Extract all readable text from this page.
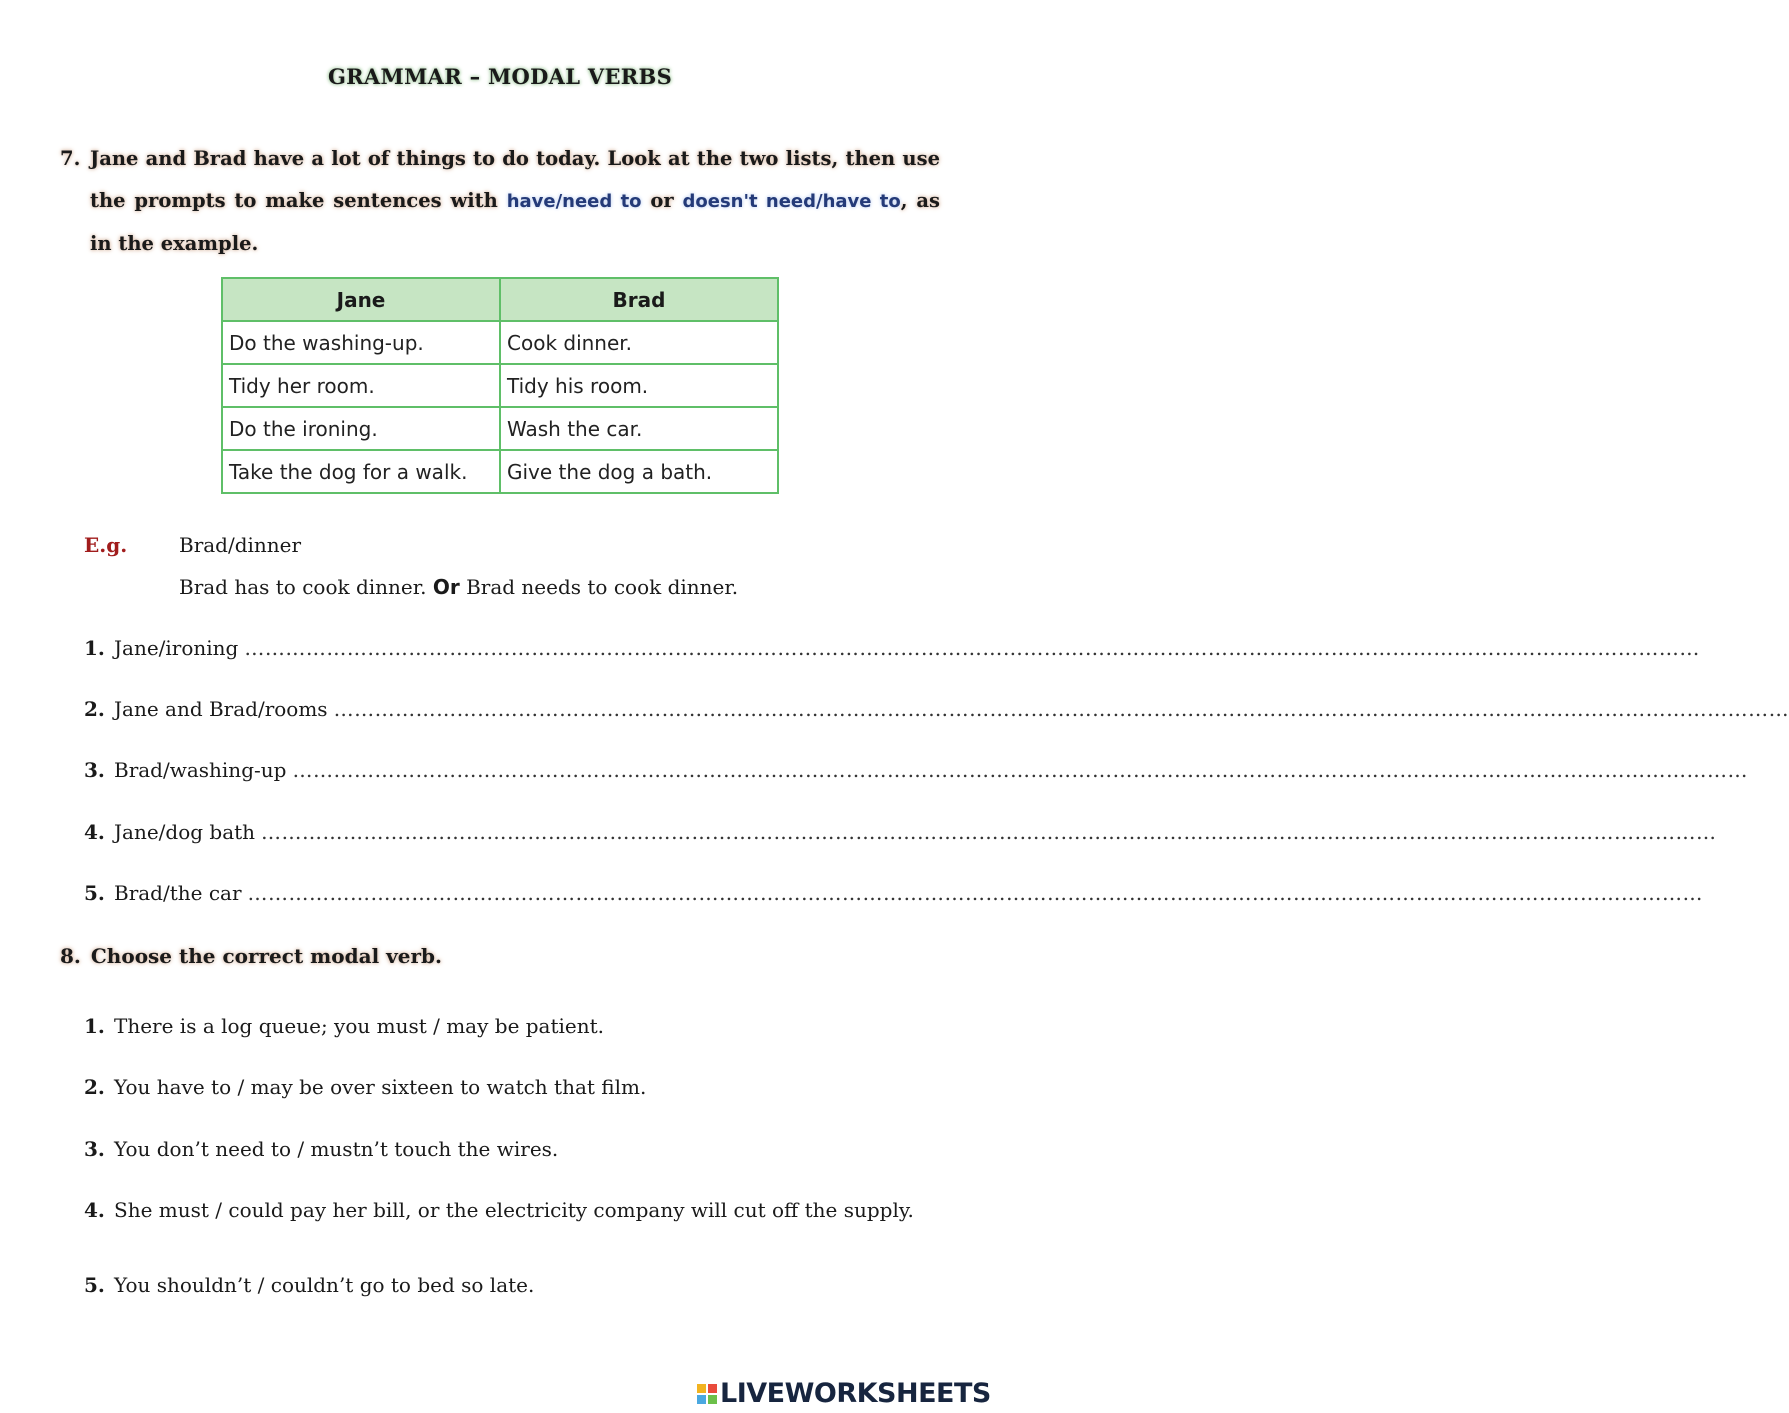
GRAMMAR – MODAL VERBS
7. Jane and Brad have a lot of things to do today. Look at the two lists, then use the prompts to make sentences with have/need to or doesn't need/have to, as in the example.
Jane	Brad
Do the washing-up.	Cook dinner.
Tidy her room.	Tidy his room.
Do the ironing.	Wash the car.
Take the dog for a walk.	Give the dog a bath.
E.g.	Brad/dinner
Brad has to cook dinner. Or Brad needs to cook dinner.
1. Jane/ironing ……………………………………………………………………………………………………………………………………………………………………………………………
2. Jane and Brad/rooms ……………………………………………………………………………………………………………………………………………………………………………………………
3. Brad/washing-up ……………………………………………………………………………………………………………………………………………………………………………………………
4. Jane/dog bath ……………………………………………………………………………………………………………………………………………………………………………………………
5. Brad/the car ……………………………………………………………………………………………………………………………………………………………………………………………
8. Choose the correct modal verb.
1. There is a log queue; you must / may be patient.
2. You have to / may be over sixteen to watch that film.
3. You don’t need to / mustn’t touch the wires.
4. She must / could pay her bill, or the electricity company will cut off the supply.
5. You shouldn’t / couldn’t go to bed so late.
LIVEWORKSHEETS
